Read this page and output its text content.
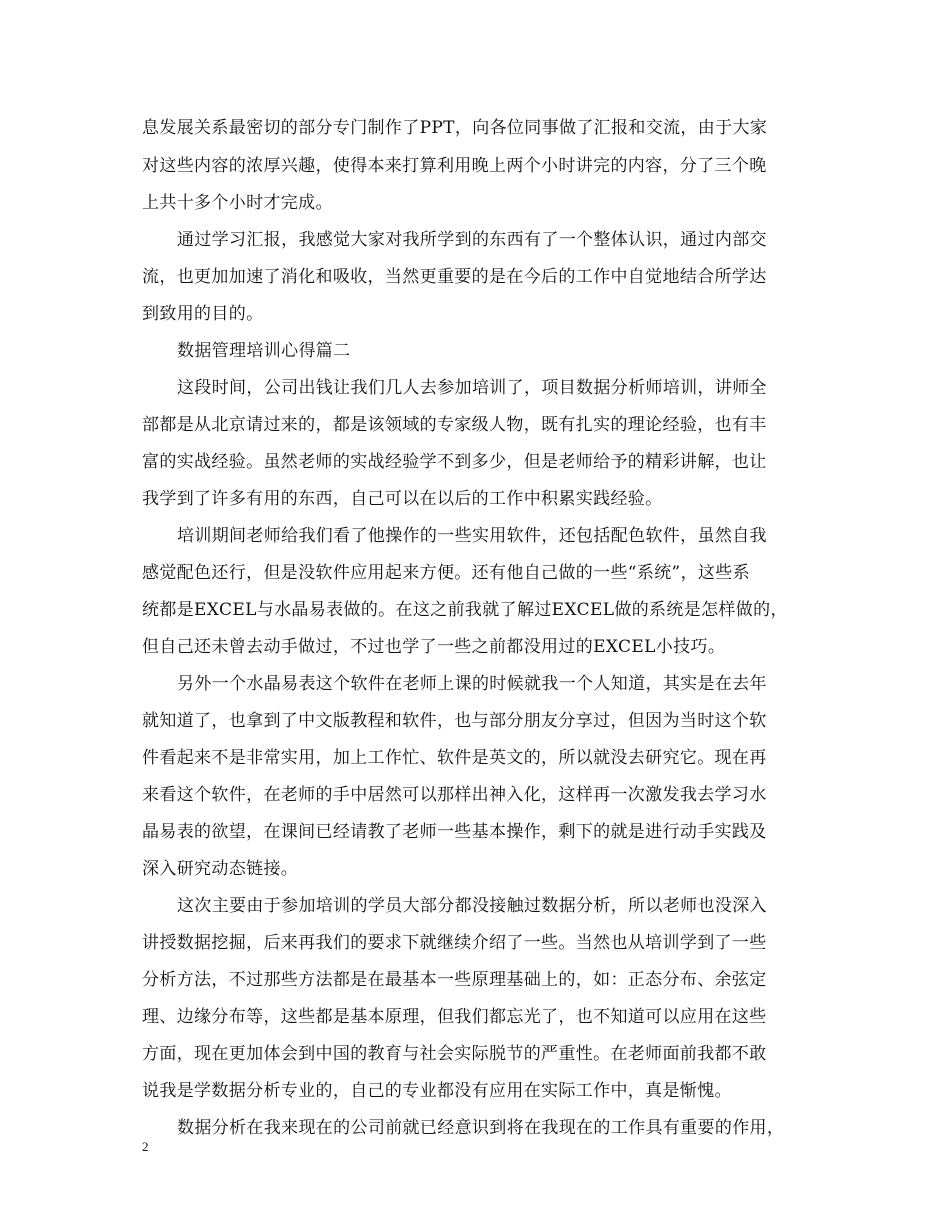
息发展关系最密切的部分专门制作了PPT，向各位同事做了汇报和交流，由于大家
对这些内容的浓厚兴趣，使得本来打算利用晚上两个小时讲完的内容，分了三个晚
上共十多个小时才完成。
通过学习汇报，我感觉大家对我所学到的东西有了一个整体认识，通过内部交
流，也更加加速了消化和吸收，当然更重要的是在今后的工作中自觉地结合所学达
到致用的目的。
数据管理培训心得篇二
这段时间，公司出钱让我们几人去参加培训了，项目数据分析师培训，讲师全
部都是从北京请过来的，都是该领域的专家级人物，既有扎实的理论经验，也有丰
富的实战经验。虽然老师的实战经验学不到多少，但是老师给予的精彩讲解，也让
我学到了许多有用的东西，自己可以在以后的工作中积累实践经验。
培训期间老师给我们看了他操作的一些实用软件，还包括配色软件，虽然自我
感觉配色还行，但是没软件应用起来方便。还有他自己做的一些“系统”，这些系
统都是EXCEL与水晶易表做的。在这之前我就了解过EXCEL做的系统是怎样做的，
但自己还未曾去动手做过，不过也学了一些之前都没用过的EXCEL小技巧。
另外一个水晶易表这个软件在老师上课的时候就我一个人知道，其实是在去年
就知道了，也拿到了中文版教程和软件，也与部分朋友分享过，但因为当时这个软
件看起来不是非常实用，加上工作忙、软件是英文的，所以就没去研究它。现在再
来看这个软件，在老师的手中居然可以那样出神入化，这样再一次激发我去学习水
晶易表的欲望，在课间已经请教了老师一些基本操作，剩下的就是进行动手实践及
深入研究动态链接。
这次主要由于参加培训的学员大部分都没接触过数据分析，所以老师也没深入
讲授数据挖掘，后来再我们的要求下就继续介绍了一些。当然也从培训学到了一些
分析方法，不过那些方法都是在最基本一些原理基础上的，如：正态分布、余弦定
理、边缘分布等，这些都是基本原理，但我们都忘光了，也不知道可以应用在这些
方面，现在更加体会到中国的教育与社会实际脱节的严重性。在老师面前我都不敢
说我是学数据分析专业的，自己的专业都没有应用在实际工作中，真是惭愧。
数据分析在我来现在的公司前就已经意识到将在我现在的工作具有重要的作用，
2
